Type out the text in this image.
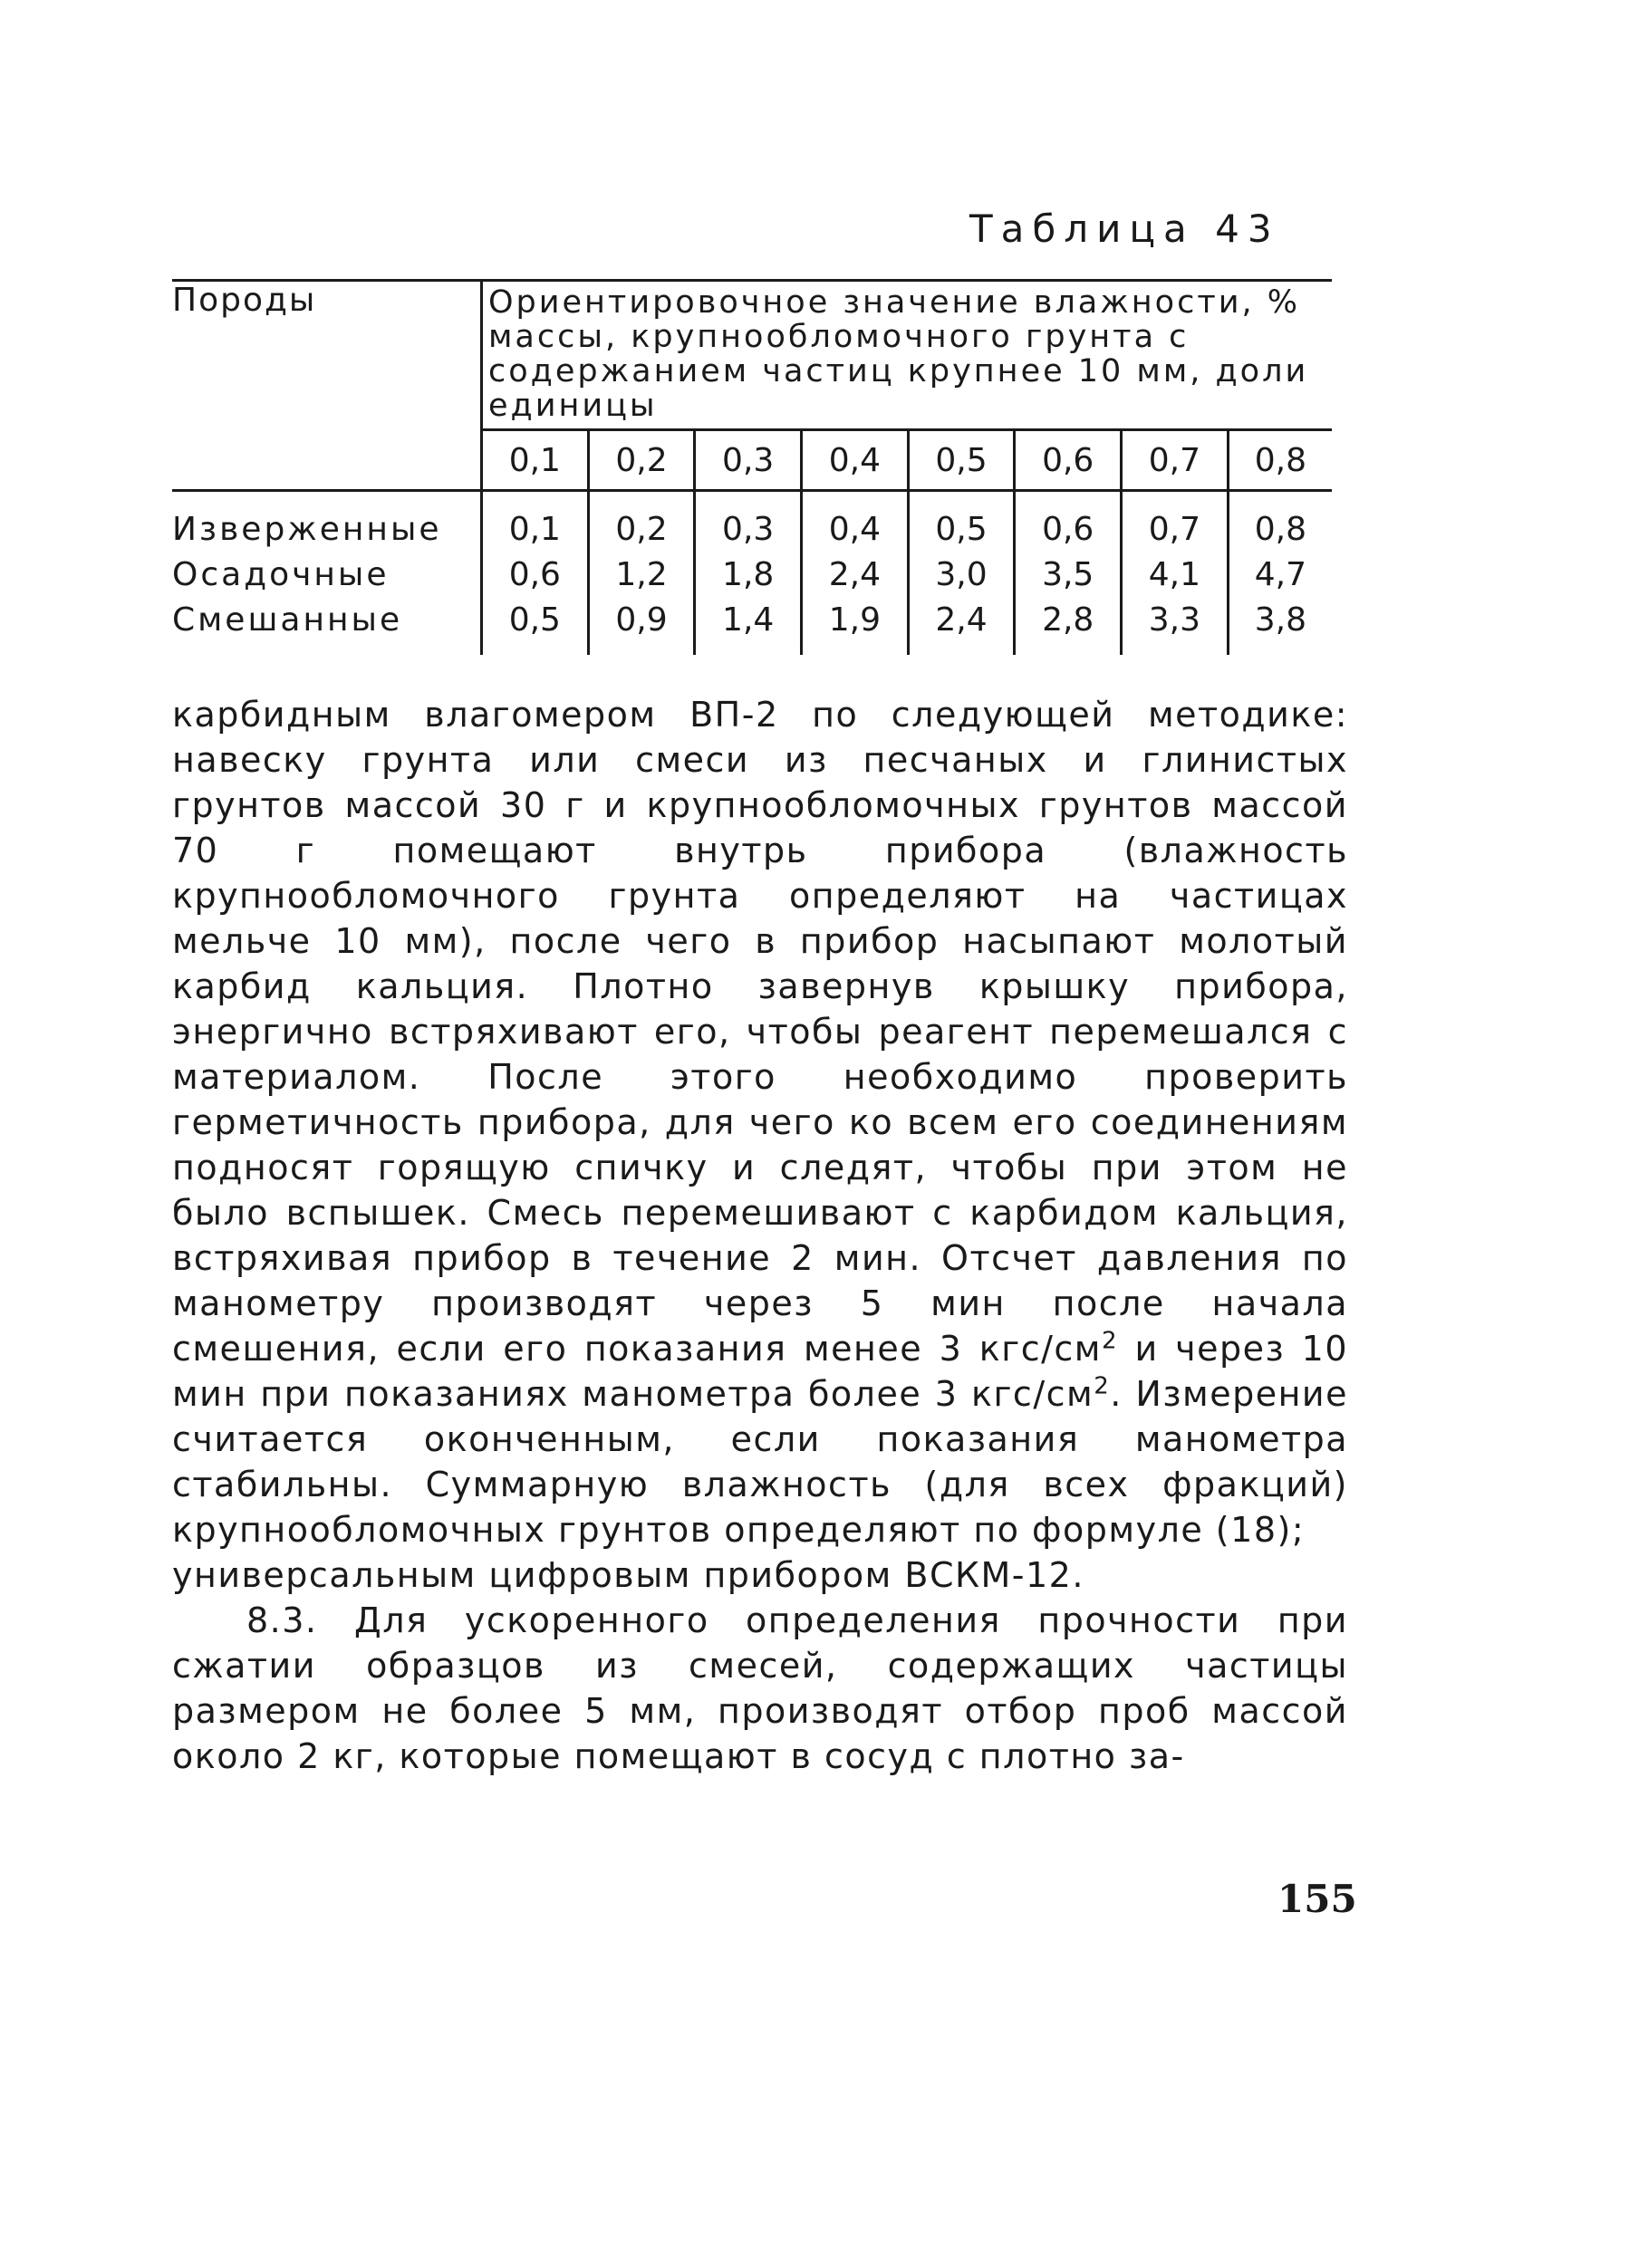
Таблица 43

Породы	Ориентировочное значение влажности, % массы, крупнообломочного грунта с содержанием частиц крупнее 10 мм, доли единицы							
	0,1	0,2	0,3	0,4	0,5	0,6	0,7	0,8

Изверженные	0,1	0,2	0,3	0,4	0,5	0,6	0,7	0,8
Осадочные	0,6	1,2	1,8	2,4	3,0	3,5	4,1	4,7
Смешанные	0,5	0,9	1,4	1,9	2,4	2,8	3,3	3,8

карбидным влагомером ВП-2 по следующей методике: навеску грунта или смеси из песчаных и глинистых грунтов массой 30 г и крупнообломочных грунтов массой 70 г помещают внутрь прибора (влажность крупнообломочного грунта определяют на частицах мельче 10 мм), после чего в прибор насыпают молотый карбид кальция. Плотно завернув крышку прибора, энергично встряхивают его, чтобы реагент перемешался с материалом. После этого необходимо проверить герметичность прибора, для чего ко всем его соединениям подносят горящую спичку и следят, чтобы при этом не было вспышек. Смесь перемешивают с карбидом кальция, встряхивая прибор в течение 2 мин. Отсчет давления по манометру производят через 5 мин после начала смешения, если его показания менее 3 кгс/$см^2$ и через 10 мин при показаниях манометра более 3 кгс/$см^2$. Измерение считается оконченным, если показания манометра стабильны. Суммарную влажность (для всех фракций) крупнообломочных грунтов определяют по формуле (18);

универсальным цифровым прибором ВСКМ-12.

8.3. Для ускоренного определения прочности при сжатии образцов из смесей, содержащих частицы размером не более 5 мм, производят отбор проб массой около 2 кг, которые помещают в сосуд с плотно за-

155
